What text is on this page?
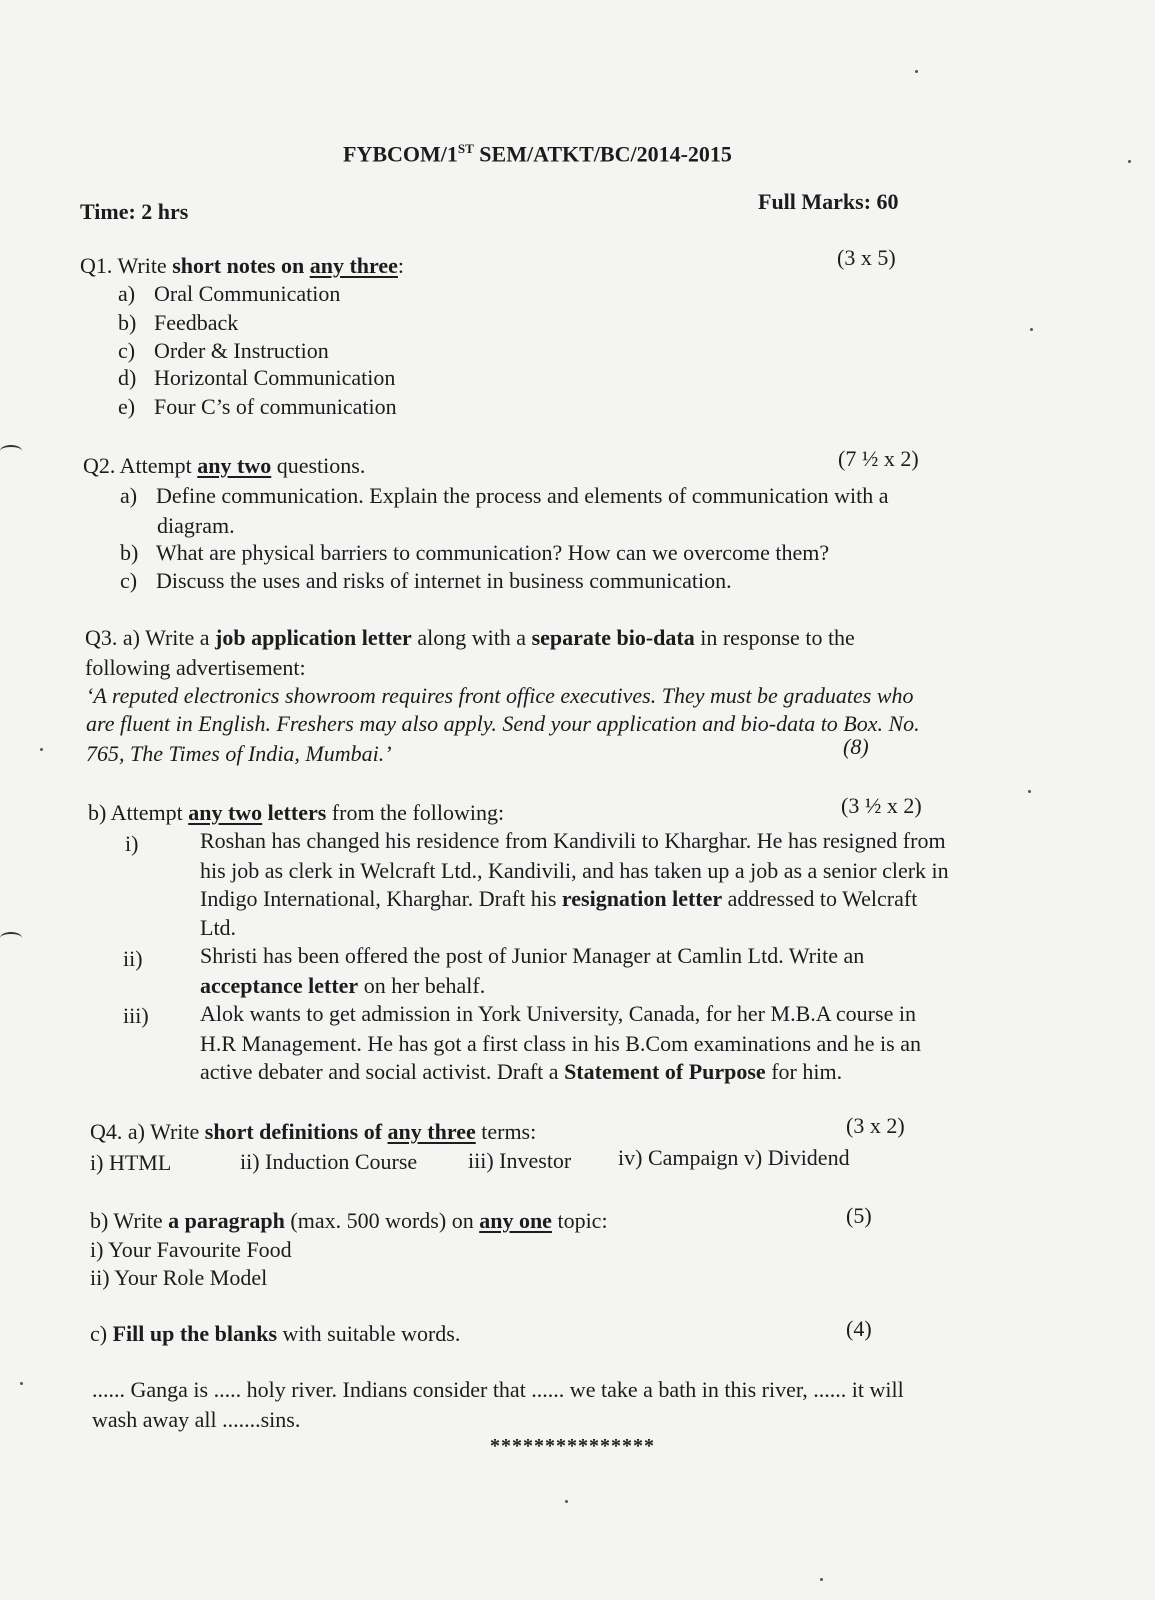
FYBCOM/1ST SEM/ATKT/BC/2014-2015
Time: 2 hrs	Full Marks: 60
Q1. Write short notes on any three:	(3 x 5)
a) Oral Communication
b) Feedback
c) Order & Instruction
d) Horizontal Communication
e) Four C’s of communication
Q2. Attempt any two questions.	(7 ½ x 2)
a) Define communication. Explain the process and elements of communication with a
diagram.
b) What are physical barriers to communication? How can we overcome them?
c) Discuss the uses and risks of internet in business communication.
Q3. a) Write a job application letter along with a separate bio-data in response to the
following advertisement:
‘A reputed electronics showroom requires front office executives. They must be graduates who
are fluent in English. Freshers may also apply. Send your application and bio-data to Box. No.
765, The Times of India, Mumbai.’	(8)
b) Attempt any two letters from the following:	(3 ½ x 2)
i)	Roshan has changed his residence from Kandivili to Kharghar. He has resigned from
his job as clerk in Welcraft Ltd., Kandivili, and has taken up a job as a senior clerk in
Indigo International, Kharghar. Draft his resignation letter addressed to Welcraft
Ltd.
ii)	Shristi has been offered the post of Junior Manager at Camlin Ltd. Write an
acceptance letter on her behalf.
iii) Alok wants to get admission in York University, Canada, for her M.B.A course in
H.R Management. He has got a first class in his B.Com examinations and he is an
active debater and social activist. Draft a Statement of Purpose for him.
Q4. a) Write short definitions of any three terms:	(3 x 2)
i) HTML	ii) Induction Course iii) Investor iv) Campaign v) Dividend
b) Write a paragraph (max. 500 words) on any one topic:	(5)
i) Your Favourite Food
ii) Your Role Model
c) Fill up the blanks with suitable words.	(4)
...... Ganga is ..... holy river. Indians consider that ...... we take a bath in this river, ...... it will
wash away all .......sins.
***************
